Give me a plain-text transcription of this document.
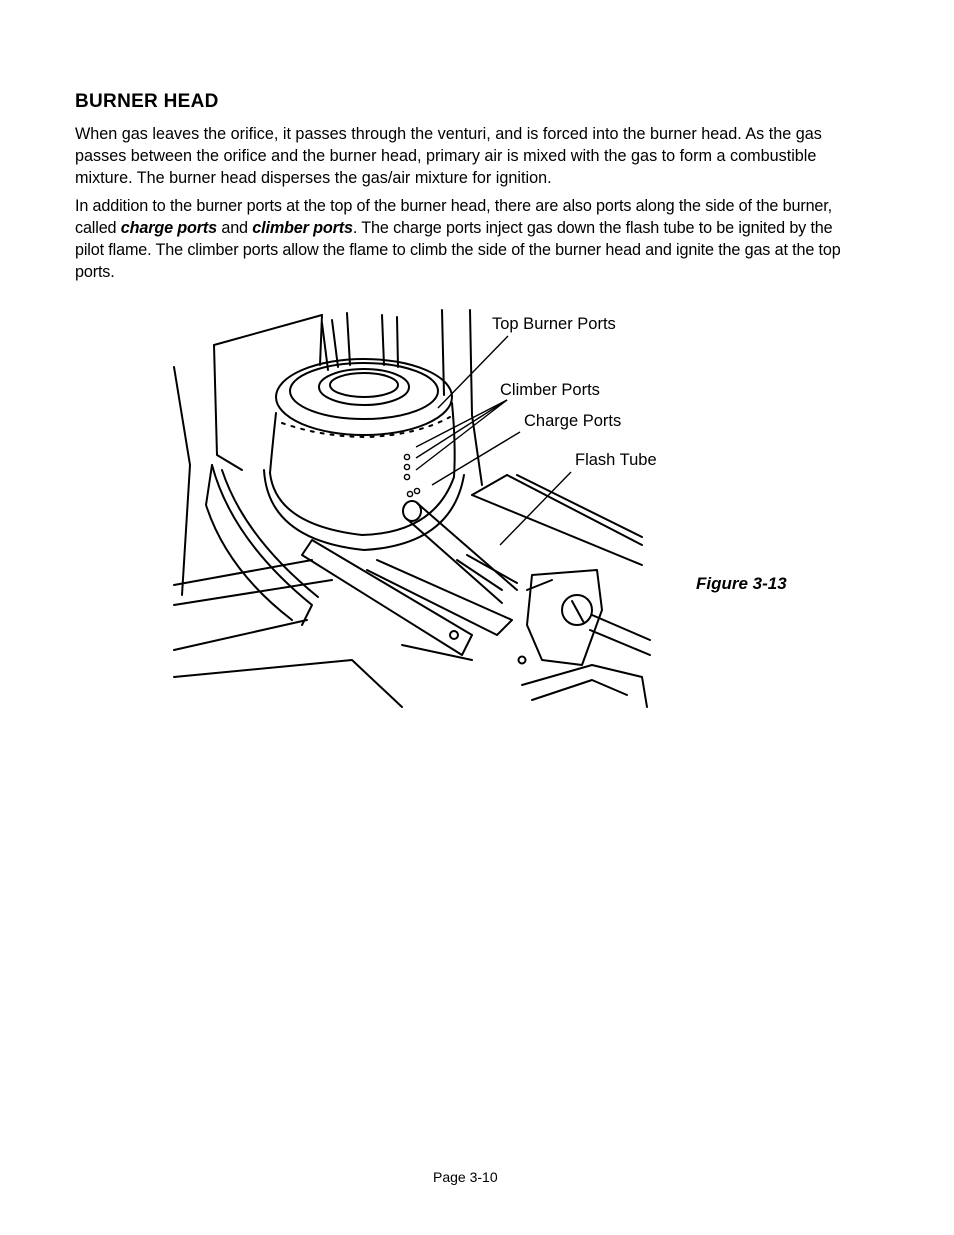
BURNER HEAD

When gas leaves the orifice, it passes through the venturi, and is forced into the burner head. As the gas passes between the orifice and the burner head, primary air is mixed with the gas to form a combustible mixture. The burner head disperses the gas/air mixture for ignition.

In addition to the burner ports at the top of the burner head, there are also ports along the side of the burner, called charge ports and climber ports. The charge ports inject gas down the flash tube to be ignited by the pilot flame. The climber ports allow the flame to climb the side of the burner head and ignite the gas at the top ports.

Top Burner Ports
Climber Ports
Charge Ports
Flash Tube
Figure 3-13
Page 3-10
